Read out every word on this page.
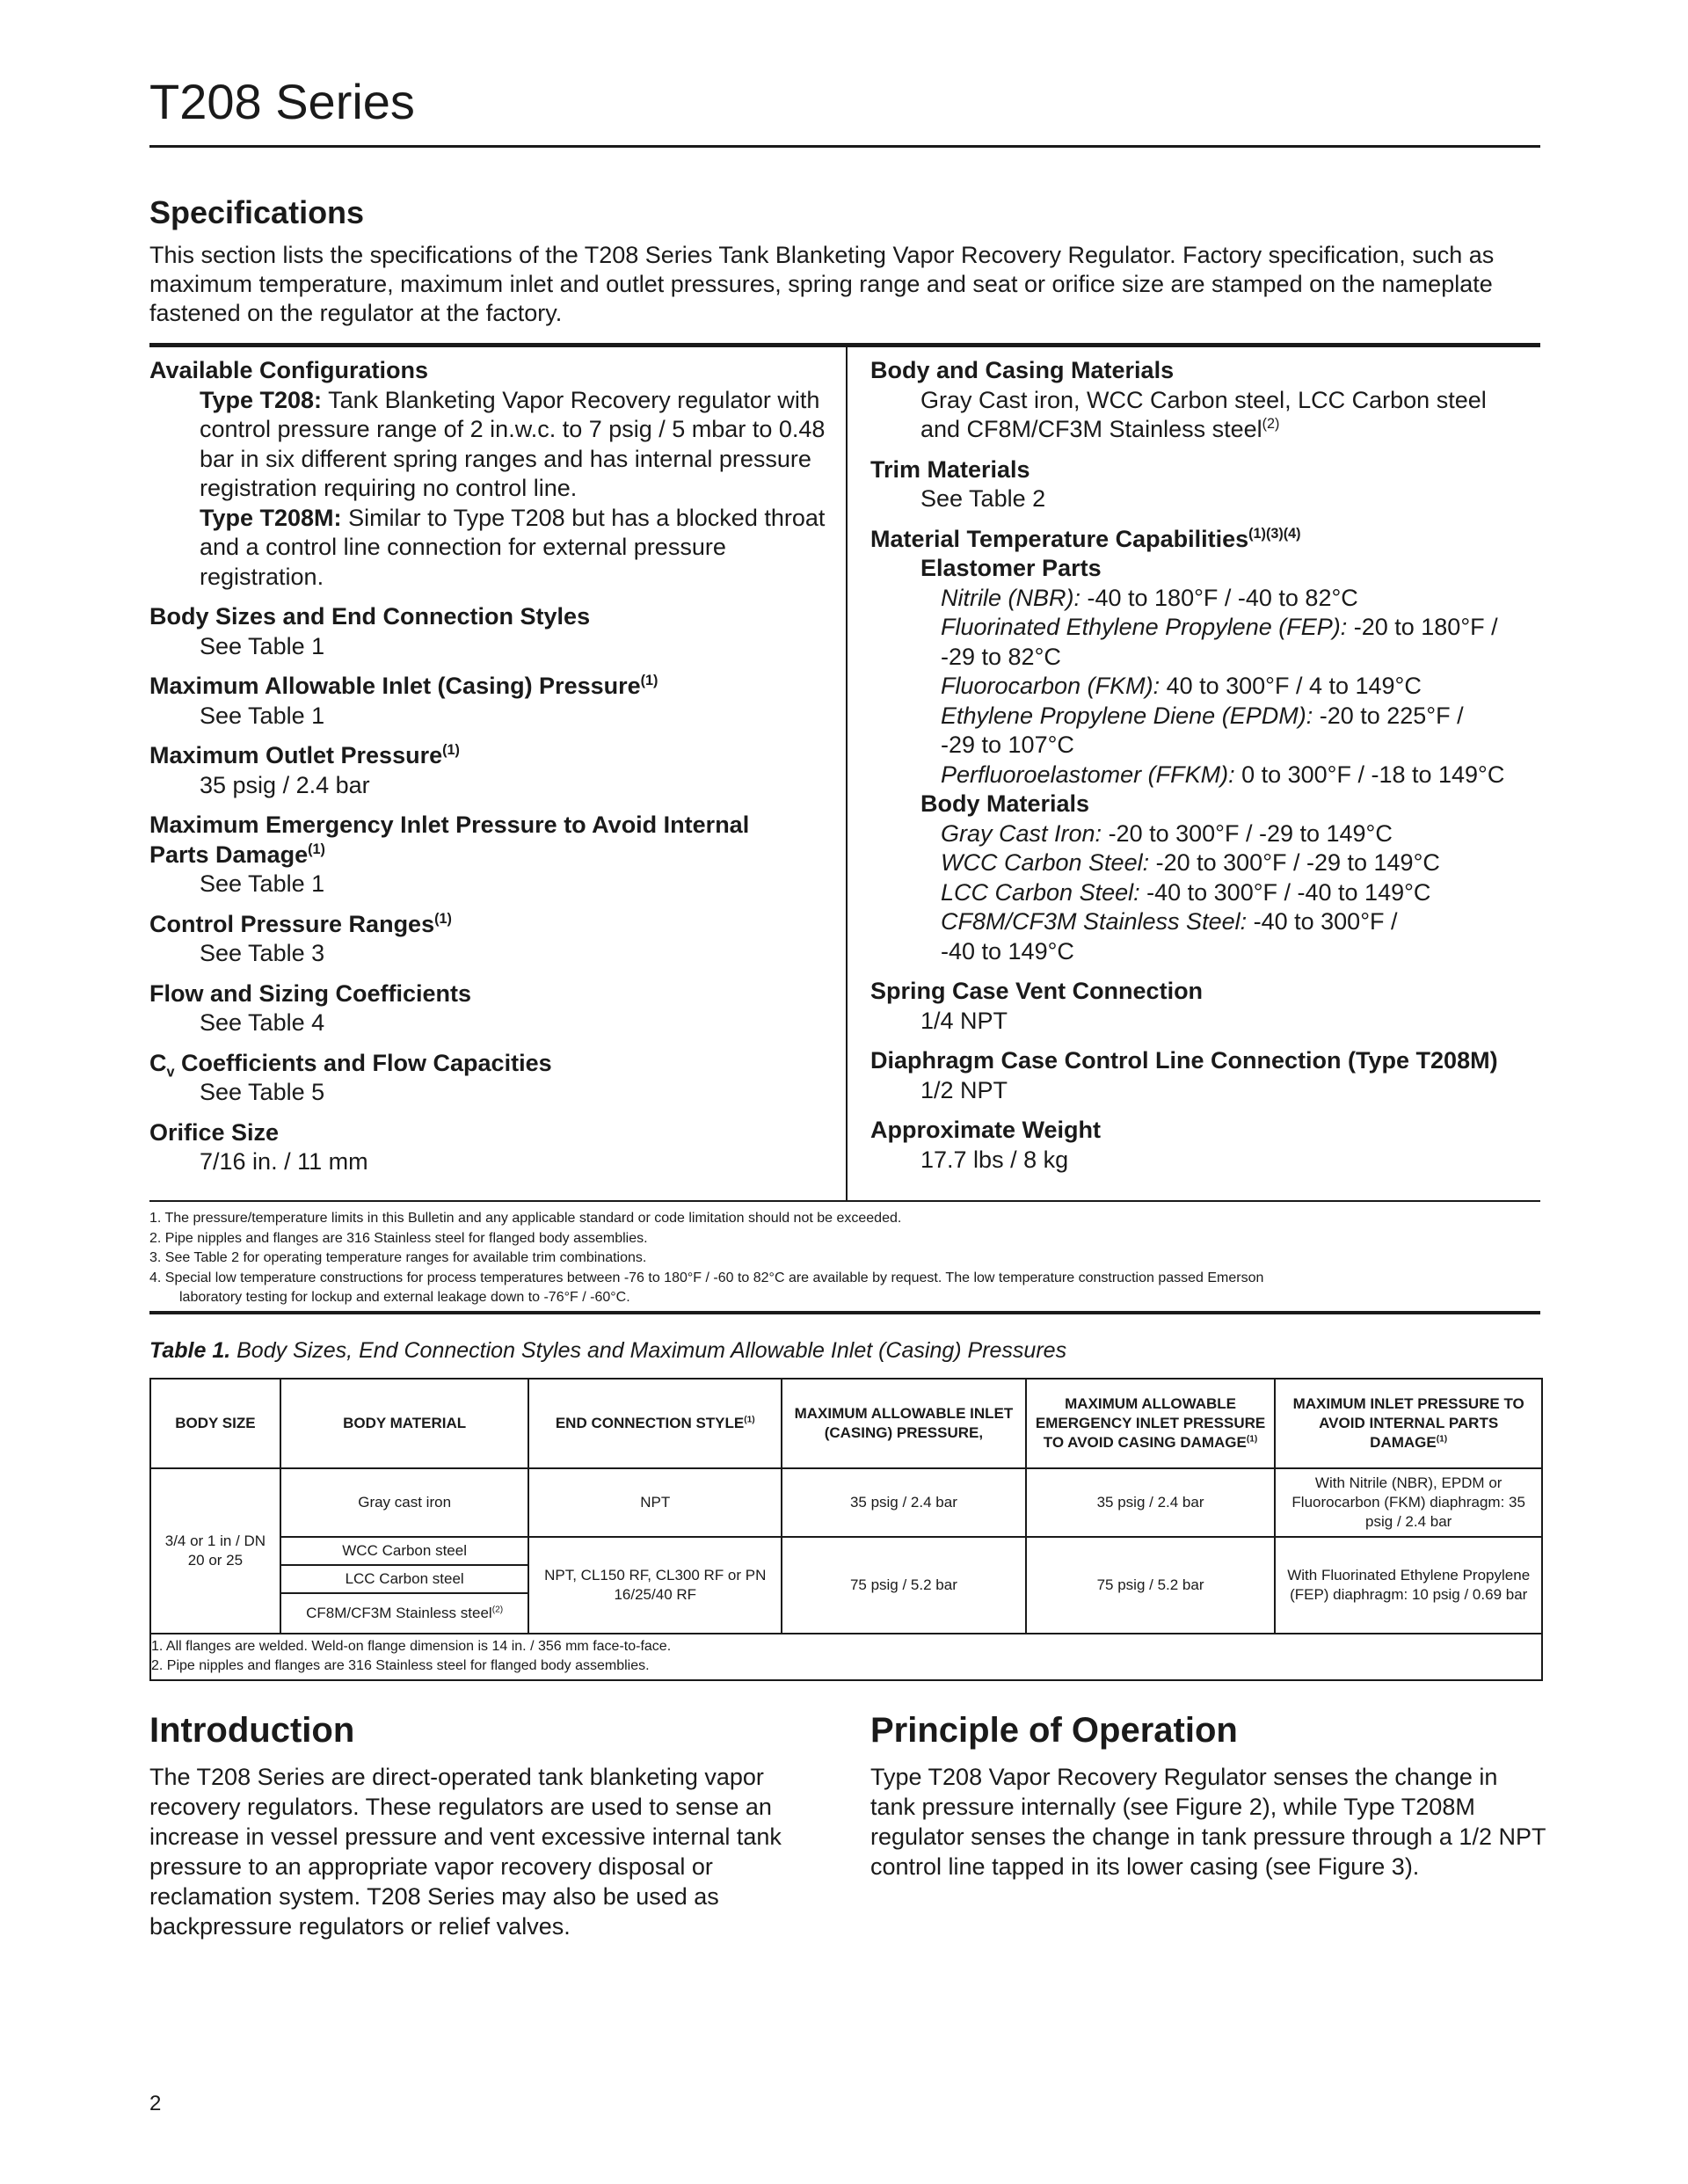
T208 Series
Specifications

This section lists the specifications of the T208 Series Tank Blanketing Vapor Recovery Regulator. Factory specification, such as maximum temperature, maximum inlet and outlet pressures, spring range and seat or orifice size are stamped on the nameplate fastened on the regulator at the factory.

Available Configurations
Type T208: Tank Blanketing Vapor Recovery regulator with control pressure range of 2 in.w.c. to 7 psig / 5 mbar to 0.48 bar in six different spring ranges and has internal pressure registration requiring no control line.
Type T208M: Similar to Type T208 but has a blocked throat and a control line connection for external pressure registration.
Body Sizes and End Connection Styles
See Table 1
Maximum Allowable Inlet (Casing) Pressure$^{(1)}$
See Table 1
Maximum Outlet Pressure$^{(1)}$
35 psig / 2.4 bar
Maximum Emergency Inlet Pressure to Avoid Internal
Parts Damage$^{(1)}$
See Table 1
Control Pressure Ranges$^{(1)}$
See Table 3
Flow and Sizing Coefficients
See Table 4
$C_v$ Coefficients and Flow Capacities
See Table 5
Orifice Size
7/16 in. / 11 mm
Body and Casing Materials
Gray Cast iron, WCC Carbon steel, LCC Carbon steel
and CF8M/CF3M Stainless steel$^{(2)}$
Trim Materials
See Table 2
Material Temperature Capabilities$^{(1)(3)(4)}$
Elastomer Parts
Nitrile (NBR): -40 to 180°F / -40 to 82°C
Fluorinated Ethylene Propylene (FEP): -20 to 180°F /
-29 to 82°C
Fluorocarbon (FKM): 40 to 300°F / 4 to 149°C
Ethylene Propylene Diene (EPDM): -20 to 225°F /
-29 to 107°C
Perfluoroelastomer (FFKM): 0 to 300°F / -18 to 149°C
Body Materials
Gray Cast Iron: -20 to 300°F / -29 to 149°C
WCC Carbon Steel: -20 to 300°F / -29 to 149°C
LCC Carbon Steel: -40 to 300°F / -40 to 149°C
CF8M/CF3M Stainless Steel: -40 to 300°F /
-40 to 149°C
Spring Case Vent Connection
1/4 NPT
Diaphragm Case Control Line Connection (Type T208M)
1/2 NPT
Approximate Weight
17.7 lbs / 8 kg
1. The pressure/temperature limits in this Bulletin and any applicable standard or code limitation should not be exceeded.
2. Pipe nipples and flanges are 316 Stainless steel for flanged body assemblies.
3. See Table 2 for operating temperature ranges for available trim combinations.
4. Special low temperature constructions for process temperatures between -76 to 180°F / -60 to 82°C are available by request. The low temperature construction passed Emerson
laboratory testing for lockup and external leakage down to -76°F / -60°C.
Table 1. Body Sizes, End Connection Styles and Maximum Allowable Inlet (Casing) Pressures
BODY SIZE	BODY MATERIAL	END CONNECTION STYLE$^{(1)}$	MAXIMUM ALLOWABLE INLET (CASING) PRESSURE,	MAXIMUM ALLOWABLE EMERGENCY INLET PRESSURE TO AVOID CASING DAMAGE$^{(1)}$	MAXIMUM INLET PRESSURE TO AVOID INTERNAL PARTS DAMAGE$^{(1)}$
3/4 or 1 in / DN 20 or 25	Gray cast iron	NPT	35 psig / 2.4 bar	35 psig / 2.4 bar	With Nitrile (NBR), EPDM or Fluorocarbon (FKM) diaphragm: 35 psig / 2.4 bar
	WCC Carbon steel	NPT, CL150 RF, CL300 RF or PN 16/25/40 RF	75 psig / 5.2 bar	75 psig / 5.2 bar	With Fluorinated Ethylene Propylene (FEP) diaphragm: 10 psig / 0.69 bar
	LCC Carbon steel				
	CF8M/CF3M Stainless steel$^{(2)}$
1. All flanges are welded. Weld-on flange dimension is 14 in. / 356 mm face-to-face.
2. Pipe nipples and flanges are 316 Stainless steel for flanged body assemblies.
Introduction

The T208 Series are direct-operated tank blanketing vapor recovery regulators. These regulators are used to sense an increase in vessel pressure and vent excessive internal tank pressure to an appropriate vapor recovery disposal or reclamation system. T208 Series may also be used as backpressure regulators or relief valves.

Principle of Operation

Type T208 Vapor Recovery Regulator senses the change in tank pressure internally (see Figure 2), while Type T208M regulator senses the change in tank pressure through a 1/2 NPT control line tapped in its lower casing (see Figure 3).

2
